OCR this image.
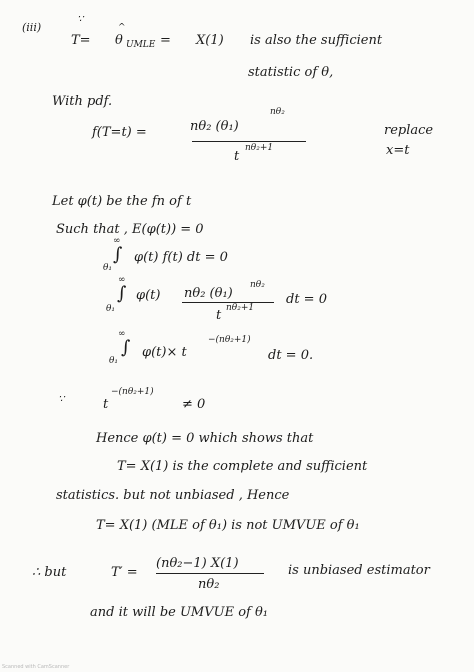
(iii)
∵
T=
^
θ UMLE = X(1) is also the sufficient
statistic of θ,
With pdf.
f(T=t) =
nθ₂
nθ₂ (θ₁)
t
nθ₂+1
replace
x=t
Let φ(t) be the fn of t
Such that , E(φ(t)) = 0
∞
∫
θ₁
φ(t) f(t) dt = 0
∞
∫
θ₁
φ(t)
nθ₂
nθ₂ (θ₁)
t nθ₂+1
dt = 0
∞
∫
θ₁
φ(t)× t
−(nθ₂+1)
dt = 0.
∵	t
−(nθ₂+1)
≠ 0
Hence φ(t) = 0 which shows that
T= X(1) is the complete and sufficient
statistics. but not unbiased , Hence
T= X(1) (MLE of θ₁) is not UMVUE of θ₁
∴ but	T′ =
(nθ₂−1) X(1)
nθ₂
is unbiased estimator
and it will be UMVUE of θ₁
Scanned with CamScanner
